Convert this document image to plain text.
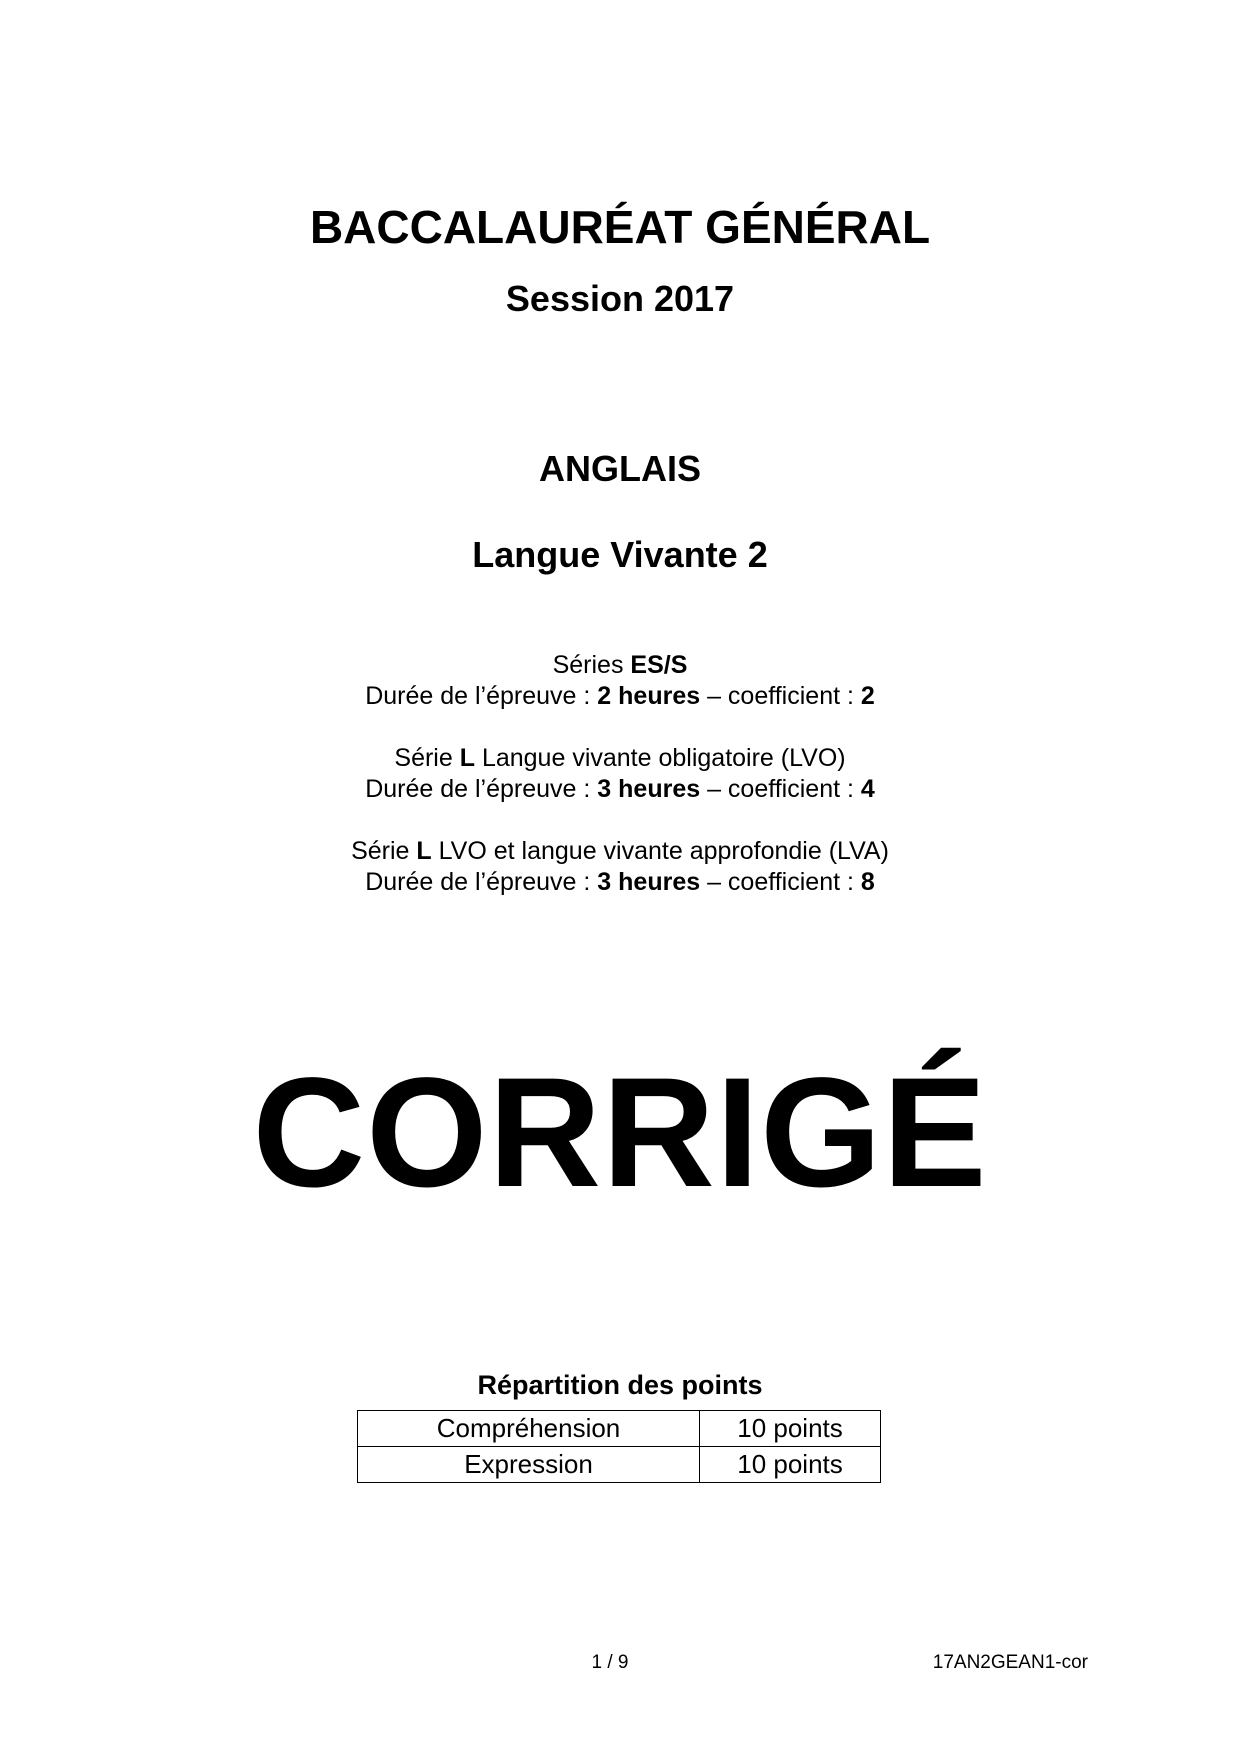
BACCALAURÉAT GÉNÉRAL
Session 2017
ANGLAIS
Langue Vivante 2
Séries ES/S
Durée de l’épreuve : 2 heures – coefficient : 2
Série L Langue vivante obligatoire (LVO)
Durée de l’épreuve : 3 heures – coefficient : 4
Série L LVO et langue vivante approfondie (LVA)
Durée de l’épreuve : 3 heures – coefficient : 8
CORRIGÉ
Répartition des points
Compréhension	10 points
Expression	10 points
1 / 9	17AN2GEAN1-cor
